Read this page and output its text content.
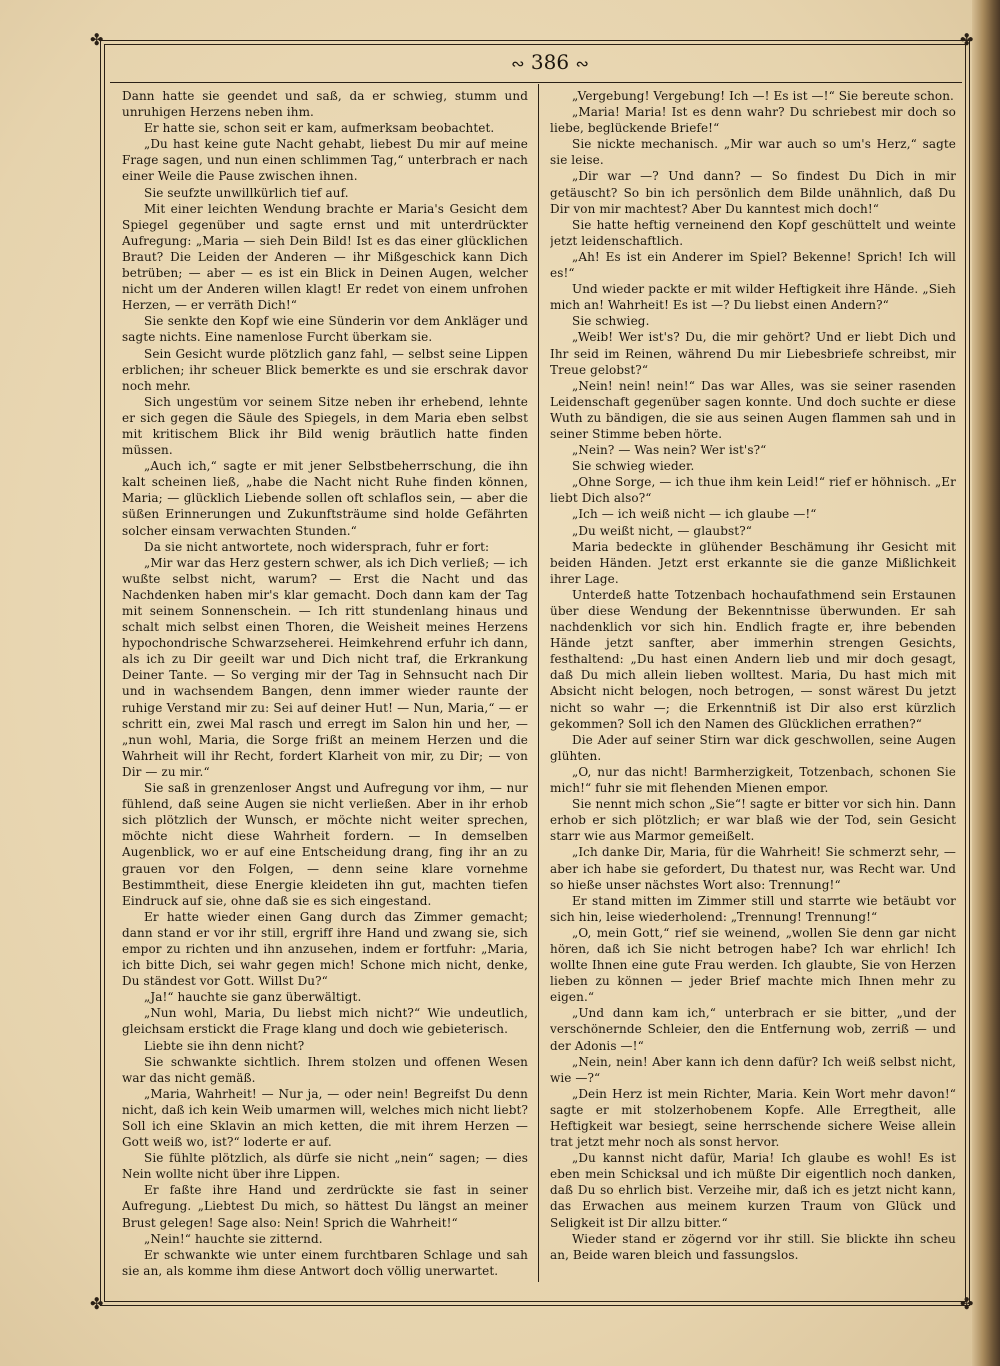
✤	✤
✤	✤
∾ 386 ∾

Dann hatte sie geendet und saß, da er schwieg, stumm und unruhigen Herzens neben ihm.

Er hatte sie, schon seit er kam, aufmerksam beobachtet.

„Du hast keine gute Nacht gehabt, liebest Du mir auf meine Frage sagen, und nun einen schlimmen Tag,“ unterbrach er nach einer Weile die Pause zwischen ihnen.

Sie seufzte unwillkürlich tief auf.

Mit einer leichten Wendung brachte er Maria's Gesicht dem Spiegel gegenüber und sagte ernst und mit unterdrückter Aufregung: „Maria — sieh Dein Bild! Ist es das einer glücklichen Braut? Die Leiden der Anderen — ihr Mißgeschick kann Dich betrüben; — aber — es ist ein Blick in Deinen Augen, welcher nicht um der Anderen willen klagt! Er redet von einem unfrohen Herzen, — er verräth Dich!“

Sie senkte den Kopf wie eine Sünderin vor dem Ankläger und sagte nichts. Eine namenlose Furcht überkam sie.

Sein Gesicht wurde plötzlich ganz fahl, — selbst seine Lippen erblichen; ihr scheuer Blick bemerkte es und sie erschrak davor noch mehr.

Sich ungestüm vor seinem Sitze neben ihr erhebend, lehnte er sich gegen die Säule des Spiegels, in dem Maria eben selbst mit kritischem Blick ihr Bild wenig bräutlich hatte finden müssen.

„Auch ich,“ sagte er mit jener Selbstbeherrschung, die ihn kalt scheinen ließ, „habe die Nacht nicht Ruhe finden können, Maria; — glücklich Liebende sollen oft schlaflos sein, — aber die süßen Erinnerungen und Zukunftsträume sind holde Gefährten solcher einsam verwachten Stunden.“

Da sie nicht antwortete, noch widersprach, fuhr er fort:

„Mir war das Herz gestern schwer, als ich Dich verließ; — ich wußte selbst nicht, warum? — Erst die Nacht und das Nachdenken haben mir's klar gemacht. Doch dann kam der Tag mit seinem Sonnenschein. — Ich ritt stundenlang hinaus und schalt mich selbst einen Thoren, die Weisheit meines Herzens hypochondrische Schwarzseherei. Heimkehrend erfuhr ich dann, als ich zu Dir geeilt war und Dich nicht traf, die Erkrankung Deiner Tante. — So verging mir der Tag in Sehnsucht nach Dir und in wachsendem Bangen, denn immer wieder raunte der ruhige Verstand mir zu: Sei auf deiner Hut! — Nun, Maria,“ — er schritt ein, zwei Mal rasch und erregt im Salon hin und her, — „nun wohl, Maria, die Sorge frißt an meinem Herzen und die Wahrheit will ihr Recht, fordert Klarheit von mir, zu Dir; — von Dir — zu mir.“

Sie saß in grenzenloser Angst und Aufregung vor ihm, — nur fühlend, daß seine Augen sie nicht verließen. Aber in ihr erhob sich plötzlich der Wunsch, er möchte nicht weiter sprechen, möchte nicht diese Wahrheit fordern. — In demselben Augenblick, wo er auf eine Entscheidung drang, fing ihr an zu grauen vor den Folgen, — denn seine klare vornehme Bestimmtheit, diese Energie kleideten ihn gut, machten tiefen Eindruck auf sie, ohne daß sie es sich eingestand.

Er hatte wieder einen Gang durch das Zimmer gemacht; dann stand er vor ihr still, ergriff ihre Hand und zwang sie, sich empor zu richten und ihn anzusehen, indem er fortfuhr: „Maria, ich bitte Dich, sei wahr gegen mich! Schone mich nicht, denke, Du ständest vor Gott. Willst Du?“

„Ja!“ hauchte sie ganz überwältigt.

„Nun wohl, Maria, Du liebst mich nicht?“ Wie undeutlich, gleichsam erstickt die Frage klang und doch wie gebieterisch.

Liebte sie ihn denn nicht?

Sie schwankte sichtlich. Ihrem stolzen und offenen Wesen war das nicht gemäß.

„Maria, Wahrheit! — Nur ja, — oder nein! Begreifst Du denn nicht, daß ich kein Weib umarmen will, welches mich nicht liebt? Soll ich eine Sklavin an mich ketten, die mit ihrem Herzen — Gott weiß wo, ist?“ loderte er auf.

Sie fühlte plötzlich, als dürfe sie nicht „nein“ sagen; — dies Nein wollte nicht über ihre Lippen.

Er faßte ihre Hand und zerdrückte sie fast in seiner Aufregung. „Liebtest Du mich, so hättest Du längst an meiner Brust gelegen! Sage also: Nein! Sprich die Wahrheit!“

„Nein!“ hauchte sie zitternd.

Er schwankte wie unter einem furchtbaren Schlage und sah sie an, als komme ihm diese Antwort doch völlig unerwartet.

„Vergebung! Vergebung! Ich —! Es ist —!“ Sie bereute schon.

„Maria! Maria! Ist es denn wahr? Du schriebest mir doch so liebe, beglückende Briefe!“

Sie nickte mechanisch. „Mir war auch so um's Herz,“ sagte sie leise.

„Dir war —? Und dann? — So findest Du Dich in mir getäuscht? So bin ich persönlich dem Bilde unähnlich, daß Du Dir von mir machtest? Aber Du kanntest mich doch!“

Sie hatte heftig verneinend den Kopf geschüttelt und weinte jetzt leidenschaftlich.

„Ah! Es ist ein Anderer im Spiel? Bekenne! Sprich! Ich will es!“

Und wieder packte er mit wilder Heftigkeit ihre Hände. „Sieh mich an! Wahrheit! Es ist —? Du liebst einen Andern?“

Sie schwieg.

„Weib! Wer ist's? Du, die mir gehört? Und er liebt Dich und Ihr seid im Reinen, während Du mir Liebesbriefe schreibst, mir Treue gelobst?“

„Nein! nein! nein!“ Das war Alles, was sie seiner rasenden Leidenschaft gegenüber sagen konnte. Und doch suchte er diese Wuth zu bändigen, die sie aus seinen Augen flammen sah und in seiner Stimme beben hörte.

„Nein? — Was nein? Wer ist's?“

Sie schwieg wieder.

„Ohne Sorge, — ich thue ihm kein Leid!“ rief er höhnisch. „Er liebt Dich also?“

„Ich — ich weiß nicht — ich glaube —!“

„Du weißt nicht, — glaubst?“

Maria bedeckte in glühender Beschämung ihr Gesicht mit beiden Händen. Jetzt erst erkannte sie die ganze Mißlichkeit ihrer Lage.

Unterdeß hatte Totzenbach hochaufathmend sein Erstaunen über diese Wendung der Bekenntnisse überwunden. Er sah nachdenklich vor sich hin. Endlich fragte er, ihre bebenden Hände jetzt sanfter, aber immerhin strengen Gesichts, festhaltend: „Du hast einen Andern lieb und mir doch gesagt, daß Du mich allein lieben wolltest. Maria, Du hast mich mit Absicht nicht belogen, noch betrogen, — sonst wärest Du jetzt nicht so wahr —; die Erkenntniß ist Dir also erst kürzlich gekommen? Soll ich den Namen des Glücklichen errathen?“

Die Ader auf seiner Stirn war dick geschwollen, seine Augen glühten.

„O, nur das nicht! Barmherzigkeit, Totzenbach, schonen Sie mich!“ fuhr sie mit flehenden Mienen empor.

Sie nennt mich schon „Sie“! sagte er bitter vor sich hin. Dann erhob er sich plötzlich; er war blaß wie der Tod, sein Gesicht starr wie aus Marmor gemeißelt.

„Ich danke Dir, Maria, für die Wahrheit! Sie schmerzt sehr, — aber ich habe sie gefordert, Du thatest nur, was Recht war. Und so hieße unser nächstes Wort also: Trennung!“

Er stand mitten im Zimmer still und starrte wie betäubt vor sich hin, leise wiederholend: „Trennung! Trennung!“

„O, mein Gott,“ rief sie weinend, „wollen Sie denn gar nicht hören, daß ich Sie nicht betrogen habe? Ich war ehrlich! Ich wollte Ihnen eine gute Frau werden. Ich glaubte, Sie von Herzen lieben zu können — jeder Brief machte mich Ihnen mehr zu eigen.“

„Und dann kam ich,“ unterbrach er sie bitter, „und der verschönernde Schleier, den die Entfernung wob, zerriß — und der Adonis —!“

„Nein, nein! Aber kann ich denn dafür? Ich weiß selbst nicht, wie —?“

„Dein Herz ist mein Richter, Maria. Kein Wort mehr davon!“ sagte er mit stolzerhobenem Kopfe. Alle Erregtheit, alle Heftigkeit war besiegt, seine herrschende sichere Weise allein trat jetzt mehr noch als sonst hervor.

„Du kannst nicht dafür, Maria! Ich glaube es wohl! Es ist eben mein Schicksal und ich müßte Dir eigentlich noch danken, daß Du so ehrlich bist. Verzeihe mir, daß ich es jetzt nicht kann, das Erwachen aus meinem kurzen Traum von Glück und Seligkeit ist Dir allzu bitter.“

Wieder stand er zögernd vor ihr still. Sie blickte ihn scheu an, Beide waren bleich und fassungslos.
